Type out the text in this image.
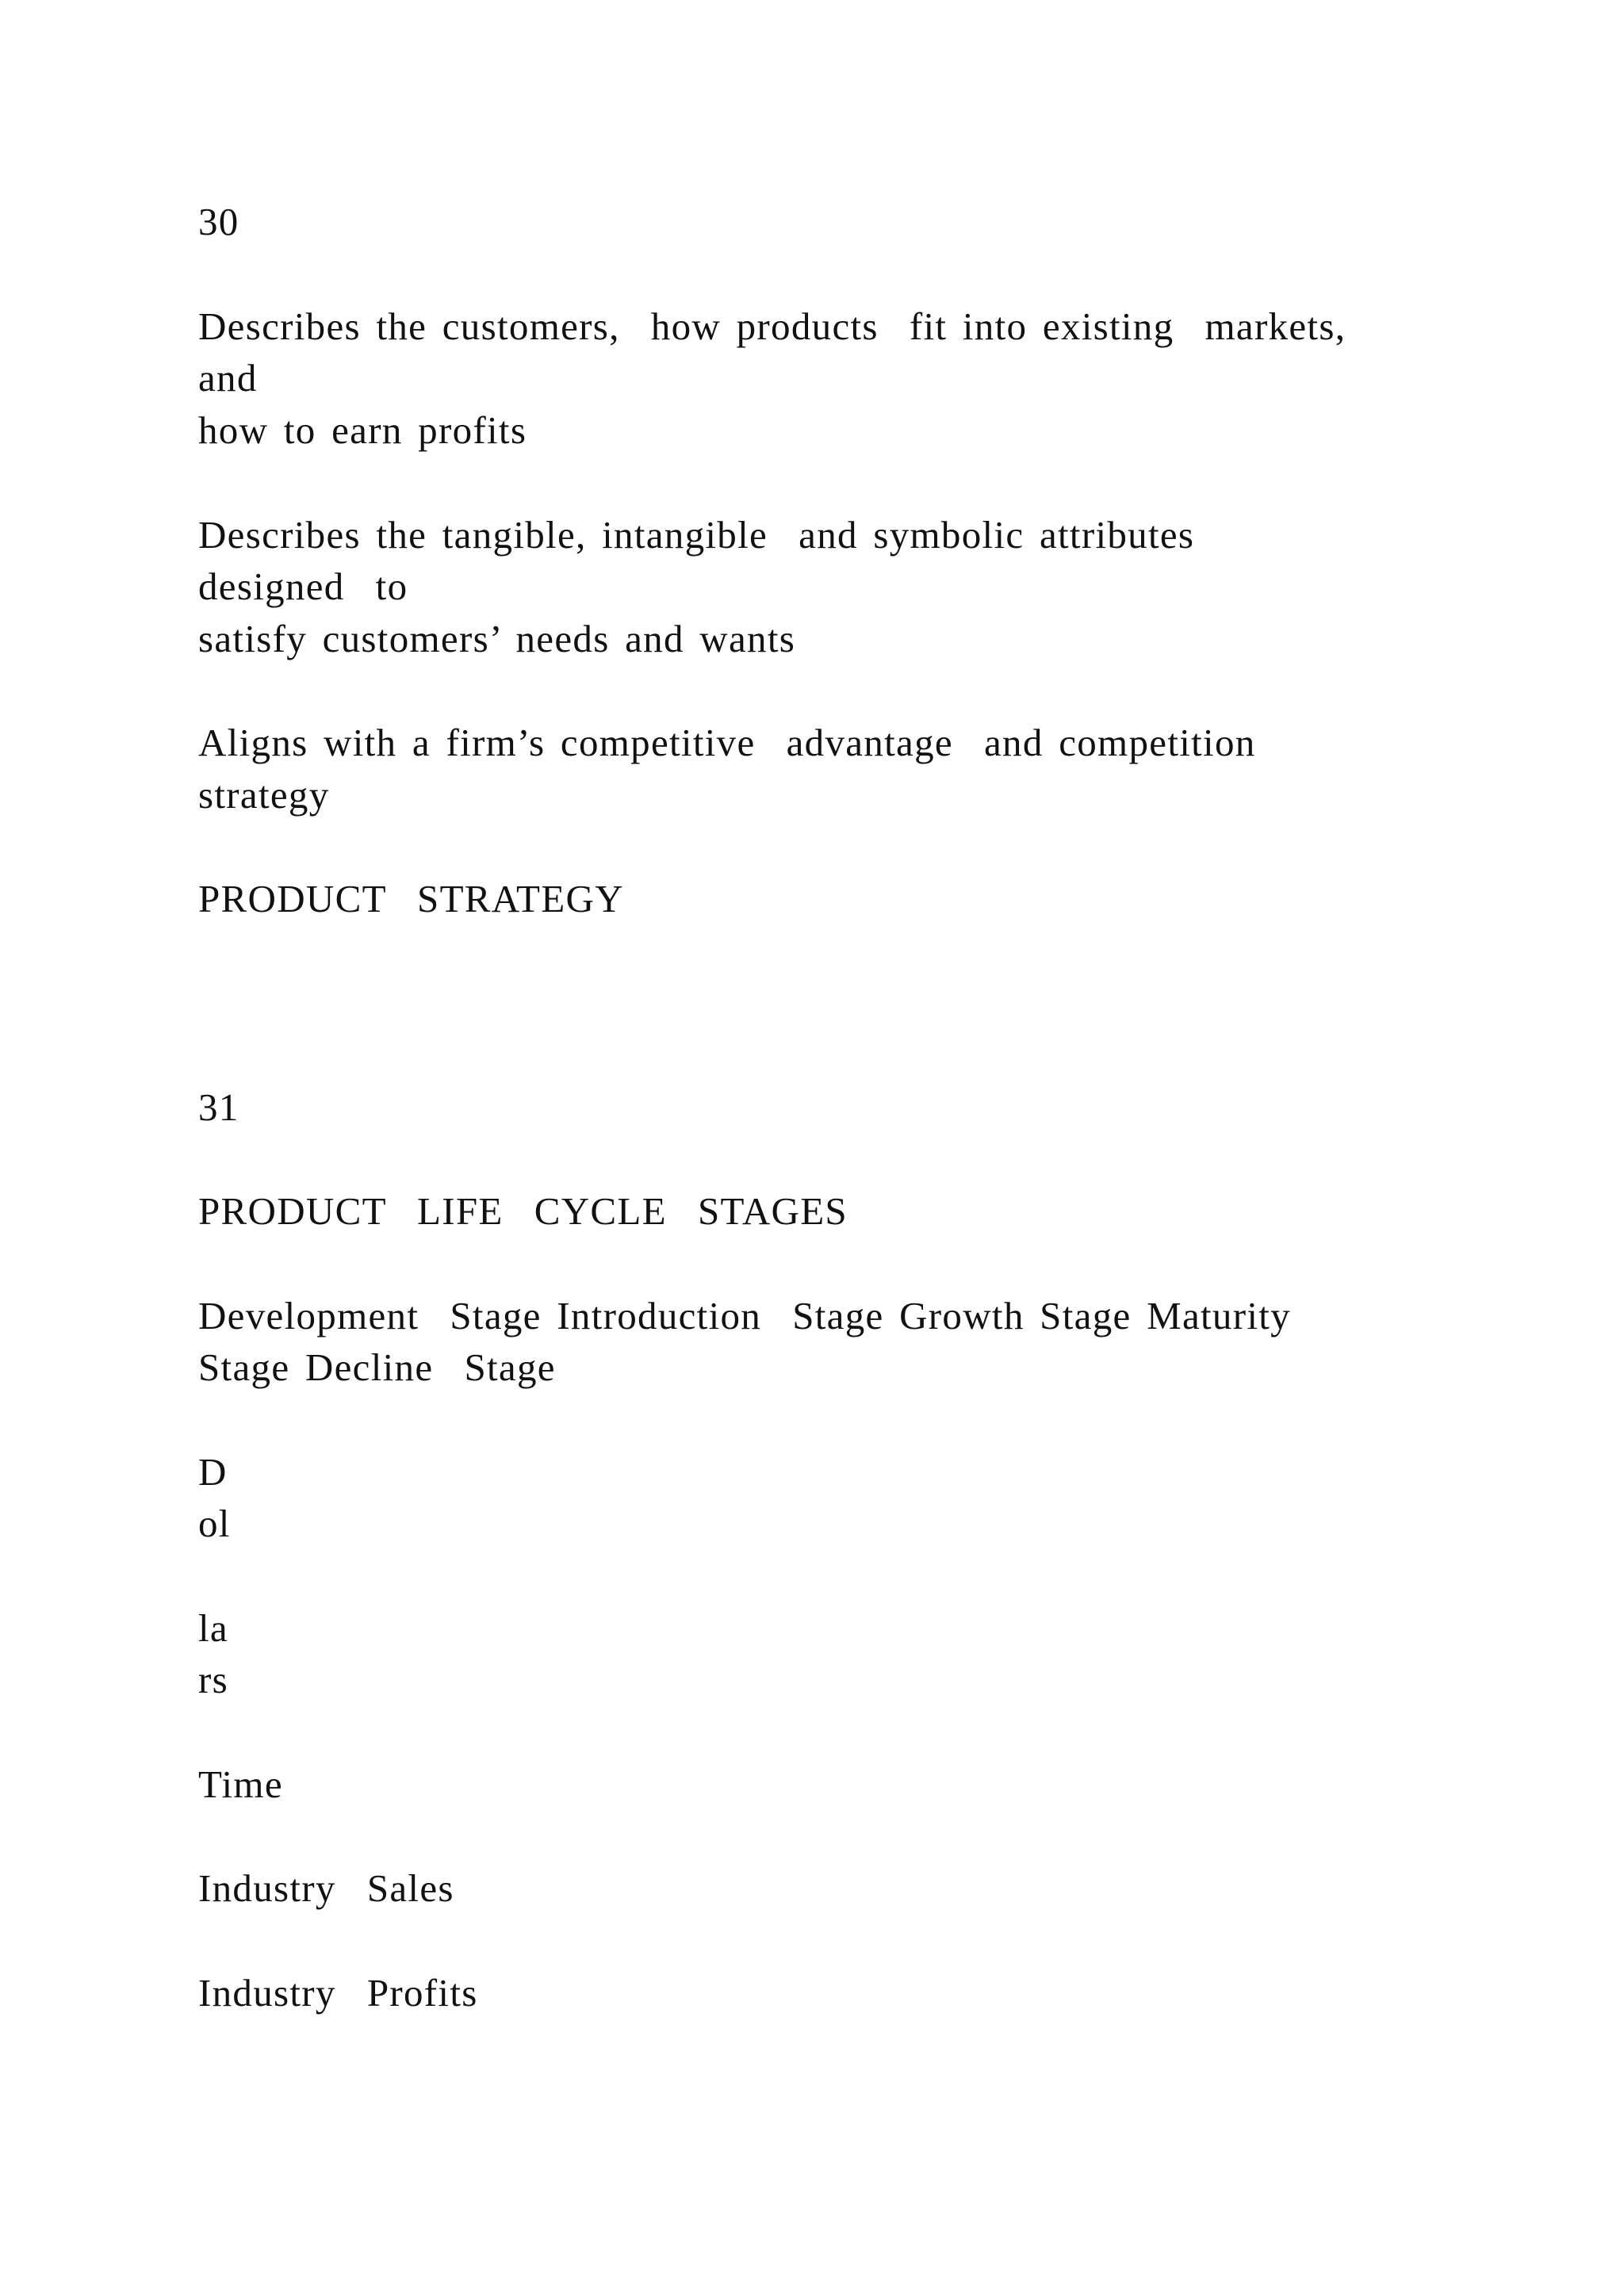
30
Describes the customers,  how products  fit into existing  markets,
and
how to earn profits
Describes the tangible, intangible  and symbolic attributes
designed  to
satisfy customers’ needs and wants
Aligns with a firm’s competitive  advantage  and competition
strategy
PRODUCT  STRATEGY
31
PRODUCT  LIFE  CYCLE  STAGES
Development  Stage Introduction  Stage Growth Stage Maturity
Stage Decline  Stage
D
ol
la
rs
Time
Industry  Sales
Industry  Profits
